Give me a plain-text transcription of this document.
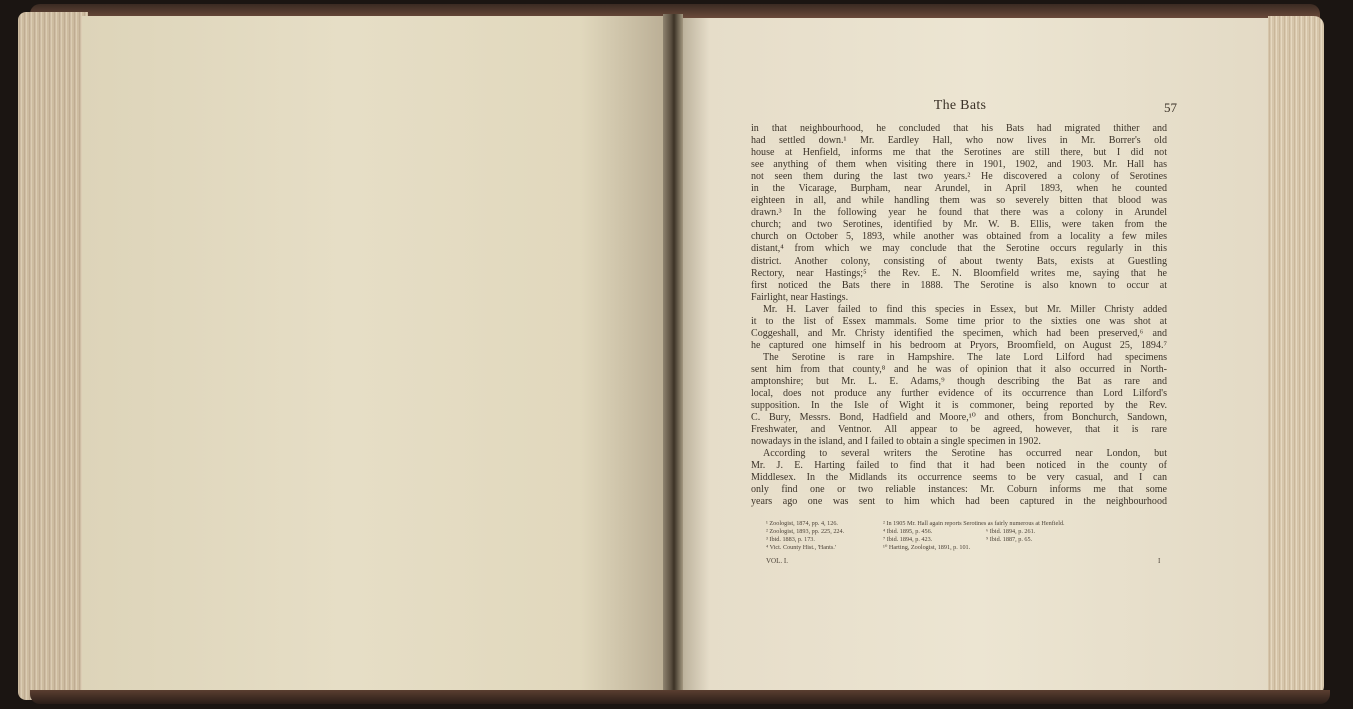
The Bats	57
in that neighbourhood, he concluded that his Bats had migrated thither and
had settled down.¹ Mr. Eardley Hall, who now lives in Mr. Borrer's old
house at Henfield, informs me that the Serotines are still there, but I did not
see anything of them when visiting there in 1901, 1902, and 1903. Mr. Hall has
not seen them during the last two years.² He discovered a colony of Serotines
in the Vicarage, Burpham, near Arundel, in April 1893, when he counted
eighteen in all, and while handling them was so severely bitten that blood was
drawn.³ In the following year he found that there was a colony in Arundel
church; and two Serotines, identified by Mr. W. B. Ellis, were taken from the
church on October 5, 1893, while another was obtained from a locality a few miles
distant,⁴ from which we may conclude that the Serotine occurs regularly in this
district. Another colony, consisting of about twenty Bats, exists at Guestling
Rectory, near Hastings;⁵ the Rev. E. N. Bloomfield writes me, saying that he
first noticed the Bats there in 1888. The Serotine is also known to occur at
Fairlight, near Hastings.
Mr. H. Laver failed to find this species in Essex, but Mr. Miller Christy added
it to the list of Essex mammals. Some time prior to the sixties one was shot at
Coggeshall, and Mr. Christy identified the specimen, which had been preserved,⁶ and
he captured one himself in his bedroom at Pryors, Broomfield, on August 25, 1894.⁷
The Serotine is rare in Hampshire. The late Lord Lilford had specimens
sent him from that county,⁸ and he was of opinion that it also occurred in North-
amptonshire; but Mr. L. E. Adams,⁹ though describing the Bat as rare and
local, does not produce any further evidence of its occurrence than Lord Lilford's
supposition. In the Isle of Wight it is commoner, being reported by the Rev.
C. Bury, Messrs. Bond, Hadfield and Moore,¹⁰ and others, from Bonchurch, Sandown,
Freshwater, and Ventnor. All appear to be agreed, however, that it is rare
nowadays in the island, and I failed to obtain a single specimen in 1902.
According to several writers the Serotine has occurred near London, but
Mr. J. E. Harting failed to find that it had been noticed in the county of
Middlesex. In the Midlands its occurrence seems to be very casual, and I can
only find one or two reliable instances: Mr. Coburn informs me that some
years ago one was sent to him which had been captured in the neighbourhood
¹ Zoologist, 1874, pp. 4, 126.
² Zoologist, 1893, pp. 225, 224.
³ Ibid. 1883, p. 173.
⁴ Vict. County Hist., 'Hants.'
² In 1905 Mr. Hall again reports Serotines as fairly numerous at Henfield.
⁴ Ibid. 1895, p. 456.
⁷ Ibid. 1894, p. 423.
¹⁰ Harting, Zoologist, 1891, p. 101.
⁶ Ibid. 1894, p. 261.
⁹ Ibid. 1887, p. 65.
VOL. I.	I
